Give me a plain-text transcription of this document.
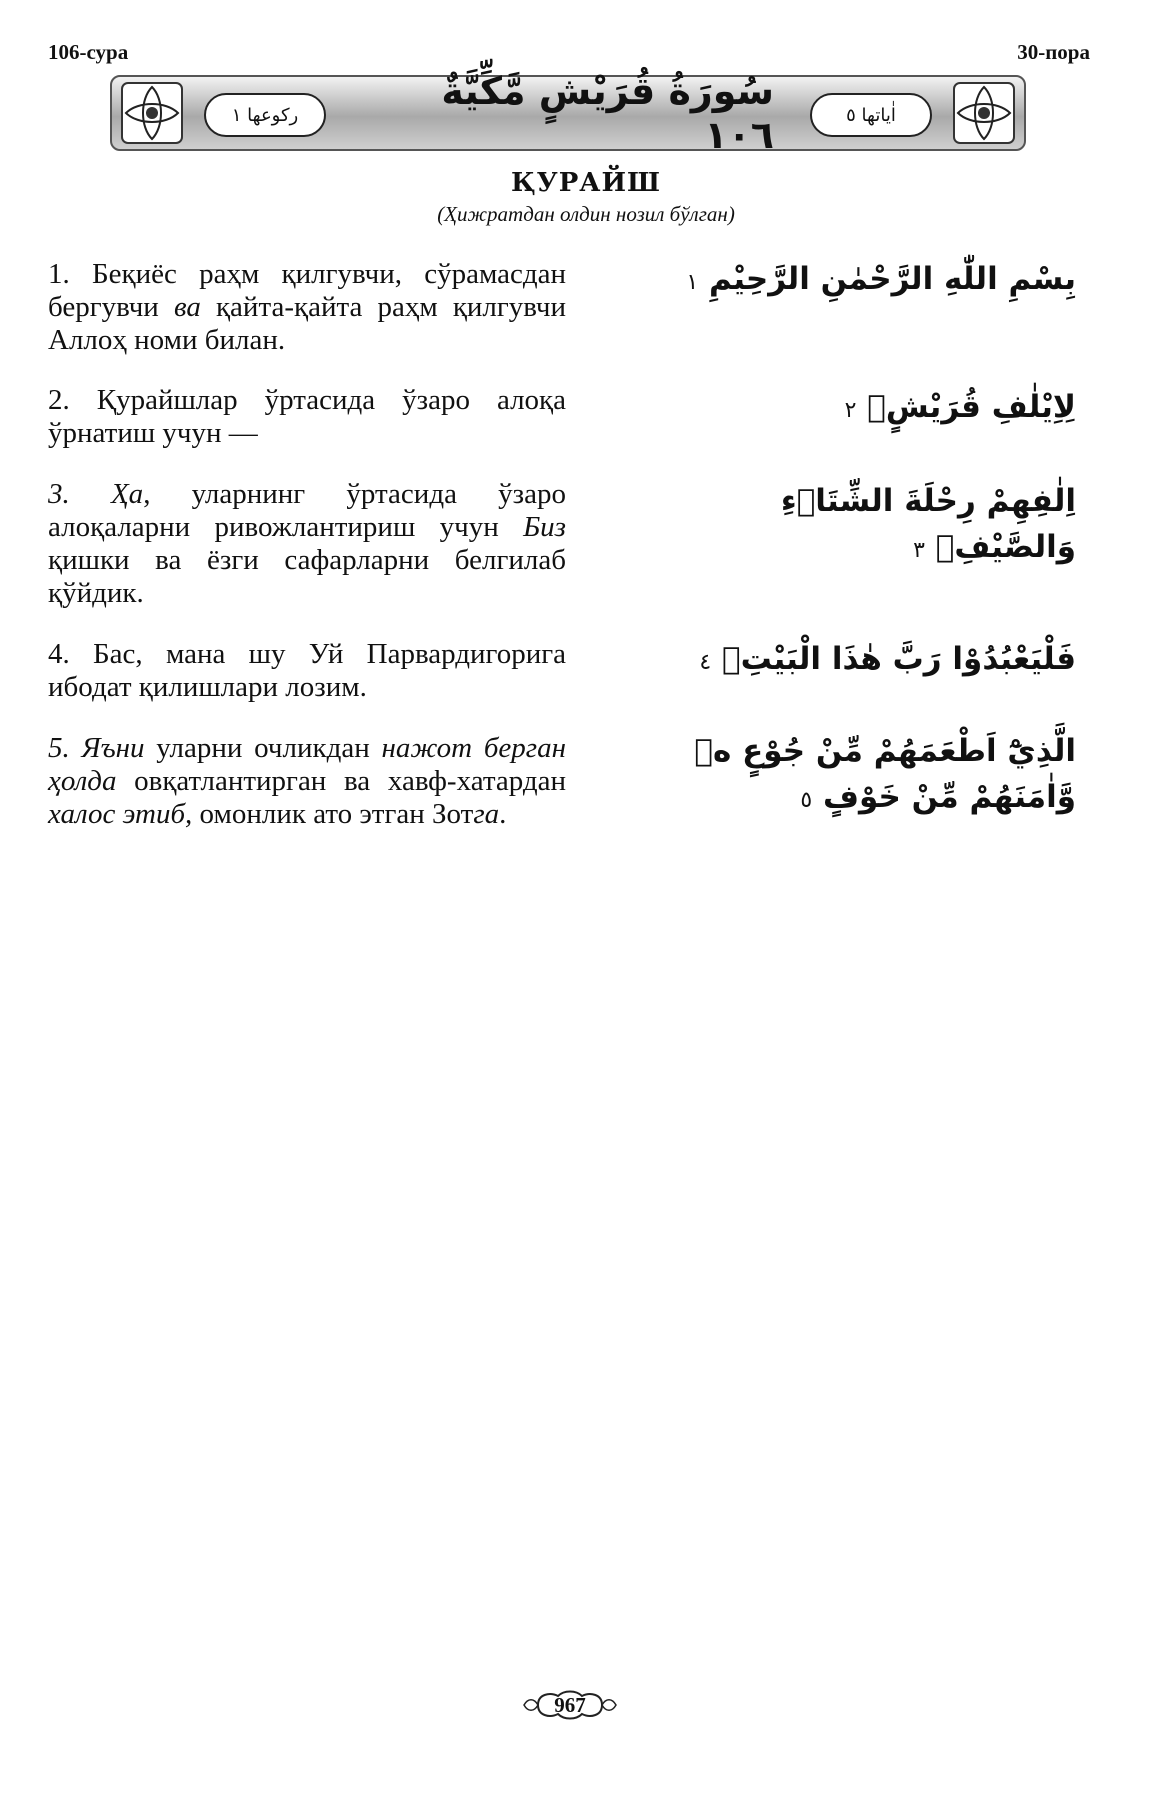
106-сура	30-пора
ركوعها ١
سُورَةُ قُرَيْشٍ مَّكِّيَّةٌ ١٠٦	اٰياتها ٥
ҚУРАЙШ
(Ҳижратдан олдин нозил бўлган)
1. Беқиёс раҳм қилгувчи, сўрамасдан бергувчи ва қайта-қайта раҳм қилгувчи Аллоҳ номи билан.
بِسْمِ اللّٰهِ الرَّحْمٰنِ الرَّحِيْمِ ١
2. Қурайшлар ўртасида ўзаро алоқа ўрнатиш учун —
لِاِيْلٰفِ قُرَيْشٍۙ ٢
3. Ҳа, уларнинг ўртасида ўзаро алоқаларни ривожлантириш учун Биз қишки ва ёзги сафарларни белгилаб қўйдик.
اِلٰفِهِمْ رِحْلَةَ الشِّتَاۤءِ وَالصَّيْفِۚ ٣
4. Бас, мана шу Уй Парвардигорига ибодат қилишлари лозим.
فَلْيَعْبُدُوْا رَبَّ هٰذَا الْبَيْتِۙ ٤
5. Яъни уларни очликдан нажот берган ҳолда овқатлантирган ва хавф-хатардан халос этиб, омонлик ато этган Зотга.
الَّذِيْٓ اَطْعَمَهُمْ مِّنْ جُوْعٍ ەۙ وَّاٰمَنَهُمْ مِّنْ خَوْفٍ ٥
967
